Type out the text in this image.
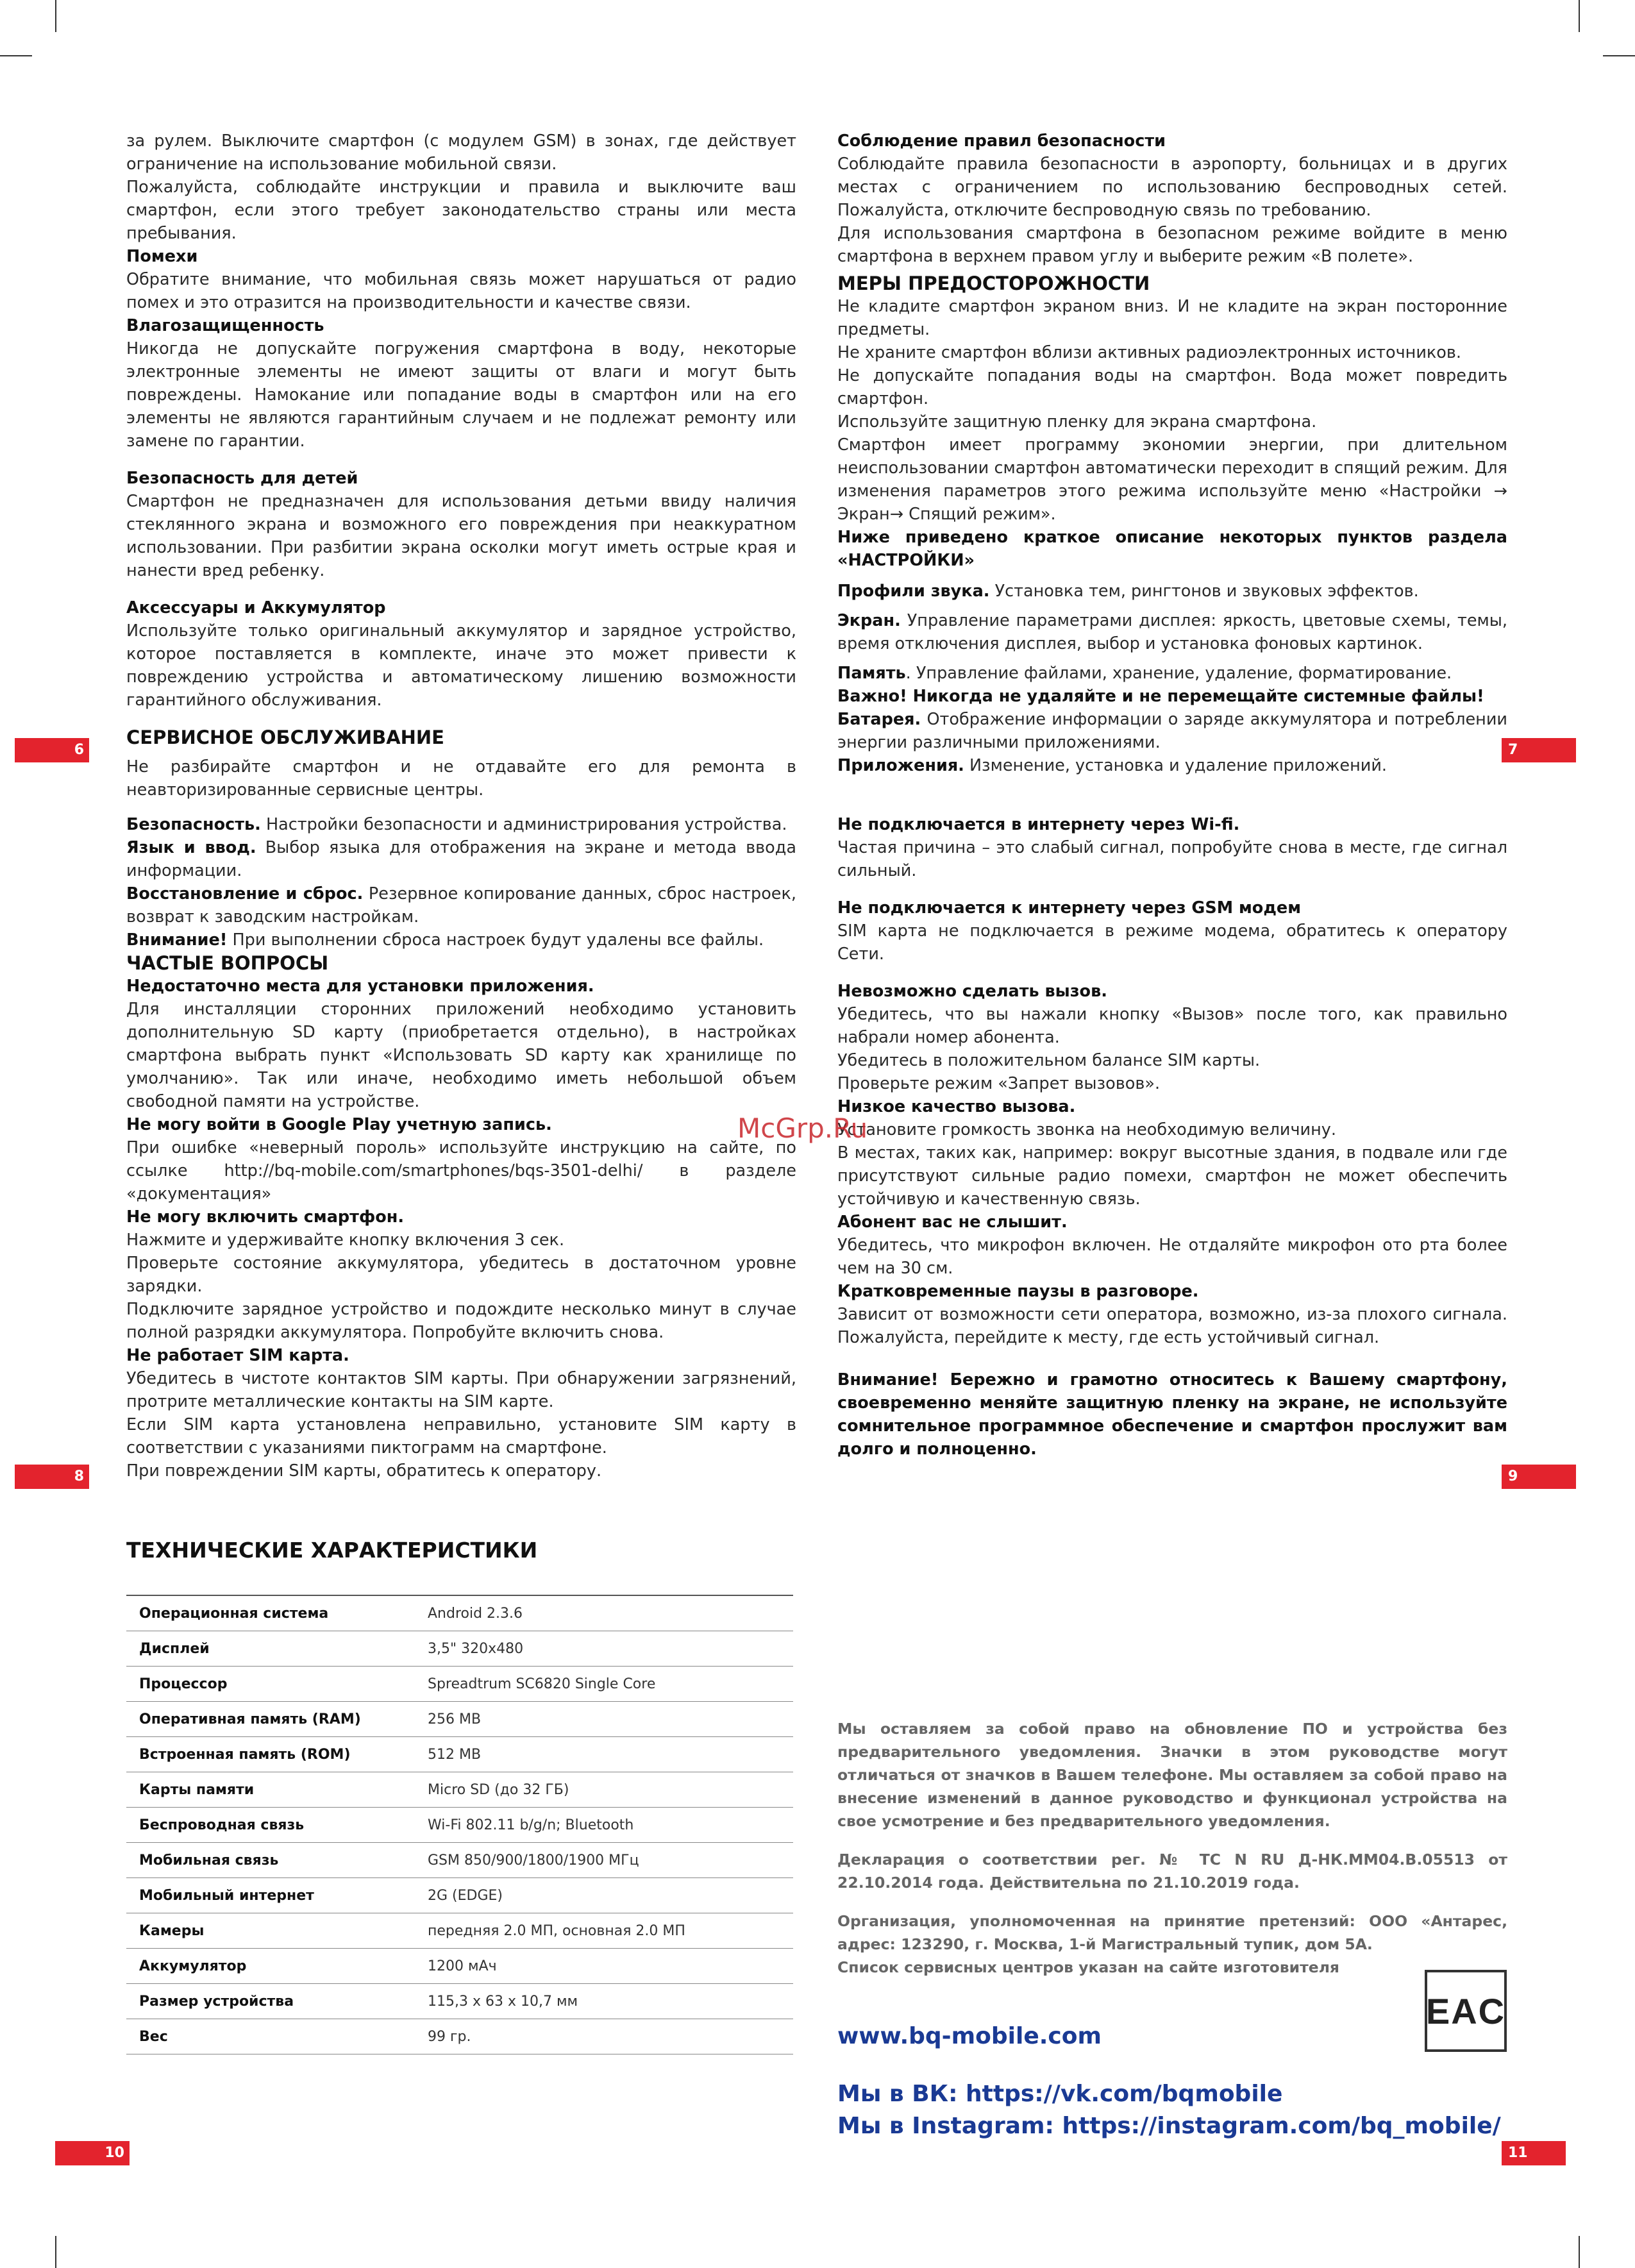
за рулем. Выключите смартфон (с модулем GSM) в зонах, где действует ограничение на использование мобильной связи.

Пожалуйста, соблюдайте инструкции и правила и выключите ваш смартфон, если этого требует законодательство страны или места пребывания.

Помехи

Обратите внимание, что мобильная связь может нарушаться от радио помех и это отразится на производительности и качестве связи.

Влагозащищенность

Никогда не допускайте погружения смартфона в воду, некоторые электронные элементы не имеют защиты от влаги и могут быть повреждены. Намокание или попадание воды в смартфон или на его элементы не являются гарантийным случаем и не подлежат ремонту или замене по гарантии.

Безопасность для детей

Смартфон не предназначен для использования детьми ввиду наличия стеклянного экрана и возможного его повреждения при неаккуратном использовании. При разбитии экрана осколки могут иметь острые края и нанести вред ребенку.

Аксессуары и Аккумулятор

Используйте только оригинальный аккумулятор и зарядное устройство, которое поставляется в комплекте, иначе это может привести к повреждению устройства и автоматическому лишению возможности гарантийного обслуживания.

СЕРВИСНОЕ ОБСЛУЖИВАНИЕ

Не разбирайте смартфон и не отдавайте его для ремонта в неавторизированные сервисные центры.

6

Соблюдение правил безопасности

Соблюдайте правила безопасности в аэропорту, больницах и в других местах с ограничением по использованию беспроводных сетей. Пожалуйста, отключите беспроводную связь по требованию.

Для использования смартфона в безопасном режиме войдите в меню смартфона в верхнем правом углу и выберите режим «В полете».

МЕРЫ ПРЕДОСТОРОЖНОСТИ

Не кладите смартфон экраном вниз. И не кладите на экран посторонние предметы.

Не храните смартфон вблизи активных радиоэлектронных источников.

Не допускайте попадания воды на смартфон. Вода может повредить смартфон.

Используйте защитную пленку для экрана смартфона.

Смартфон имеет программу экономии энергии, при длительном неиспользовании смартфон автоматически переходит в спящий режим. Для изменения параметров этого режима используйте меню «Настройки → Экран→ Спящий режим».

Ниже приведено краткое описание некоторых пунктов раздела «НАСТРОЙКИ»

Профили звука. Установка тем, рингтонов и звуковых эффектов.

Экран. Управление параметрами дисплея: яркость, цветовые схемы, темы, время отключения дисплея, выбор и установка фоновых картинок.

Память. Управление файлами, хранение, удаление, форматирование.

Важно! Никогда не удаляйте и не перемещайте системные файлы!

Батарея. Отображение информации о заряде аккумулятора и потреблении энергии различными приложениями.

Приложения. Изменение, установка и удаление приложений.

7

Безопасность. Настройки безопасности и администрирования устройства.

Язык и ввод. Выбор языка для отображения на экране и метода ввода информации.

Восстановление и сброс. Резервное копирование данных, сброс настроек, возврат к заводским настройкам.

Внимание! При выполнении сброса настроек будут удалены все файлы.

ЧАСТЫЕ ВОПРОСЫ

Недостаточно места для установки приложения.

Для инсталляции сторонних приложений необходимо установить дополнительную SD карту (приобретается отдельно), в настройках смартфона выбрать пункт «Использовать SD карту как хранилище по умолчанию». Так или иначе, необходимо иметь небольшой объем свободной памяти на устройстве.

Не могу войти в Google Play учетную запись.

При ошибке «неверный пороль» используйте инструкцию на сайте, по ссылке http://bq-mobile.com/smartphones/bqs-3501-delhi/ в разделе «документация»

Не могу включить смартфон.

Нажмите и удерживайте кнопку включения 3 сек.

Проверьте состояние аккумулятора, убедитесь в достаточном уровне зарядки.

Подключите зарядное устройство и подождите несколько минут в случае полной разрядки аккумулятора. Попробуйте включить снова.

Не работает SIM карта.

Убедитесь в чистоте контактов SIM карты. При обнаружении загрязнений, протрите металлические контакты на SIM карте.

Если SIM карта установлена неправильно, установите SIM карту в соответствии с указаниями пиктограмм на смартфоне.

При повреждении SIM карты, обратитесь к оператору.

8

Не подключается в интернету через Wi-fi.

Частая причина – это слабый сигнал, попробуйте снова в месте, где сигнал сильный.

Не подключается к интернету через GSM модем

SIM карта не подключается в режиме модема, обратитесь к оператору Сети.

Невозможно сделать вызов.

Убедитесь, что вы нажали кнопку «Вызов» после того, как правильно набрали номер абонента.

Убедитесь в положительном балансе SIM карты.

Проверьте режим «Запрет вызовов».

Низкое качество вызова.

Установите громкость звонка на необходимую величину.

В местах, таких как, например: вокруг высотные здания, в подвале или где присутствуют сильные радио помехи, смартфон не может обеспечить устойчивую и качественную связь.

Абонент вас не слышит.

Убедитесь, что микрофон включен. Не отдаляйте микрофон ото рта более чем на 30 см.

Кратковременные паузы в разговоре.

Зависит от возможности сети оператора, возможно, из-за плохого сигнала. Пожалуйста, перейдите к месту, где есть устойчивый сигнал.

Внимание! Бережно и грамотно относитесь к Вашему смартфону, своевременно меняйте защитную пленку на экране, не используйте сомнительное программное обеспечение и смартфон прослужит вам долго и полноценно.

9
McGrp.Ru
ТЕХНИЧЕСКИЕ ХАРАКТЕРИСТИКИ
Операционная система	Android 2.3.6
Дисплей	3,5" 320x480
Процессор	Spreadtrum SC6820 Single Core
Оперативная память (RAM)	256 MB
Встроенная память (ROM)	512 MB
Карты памяти	Micro SD (до 32 ГБ)
Беспроводная связь	Wi-Fi 802.11 b/g/n; Bluetooth
Мобильная связь	GSM 850/900/1800/1900 МГц
Мобильный интернет	2G (EDGE)
Камеры	передняя 2.0 МП, основная 2.0 МП
Аккумулятор	1200 мАч
Размер устройства	115,3 x 63 x 10,7 мм
Вес	99 гр.
10

Мы оставляем за собой право на обновление ПО и устройства без предварительного уведомления. Значки в этом руководстве могут отличаться от значков в Вашем телефоне. Мы оставляем за собой право на внесение изменений в данное руководство и функционал устройства на свое усмотрение и без предварительного уведомления.

Декларация о соответствии рег. № ТС N RU Д-НК.ММ04.В.05513 от 22.10.2014 года. Действительна по 21.10.2019 года.

Организация, уполномоченная на принятие претензий: ООО «Антарес, адрес: 123290, г. Москва, 1-й Магистральный тупик, дом 5А.

Список сервисных центров указан на сайте изготовителя

EAC
www.bq-mobile.com
Мы в ВК: https://vk.com/bqmobile
Мы в Instagram: https://instagram.com/bq_mobile/
11
